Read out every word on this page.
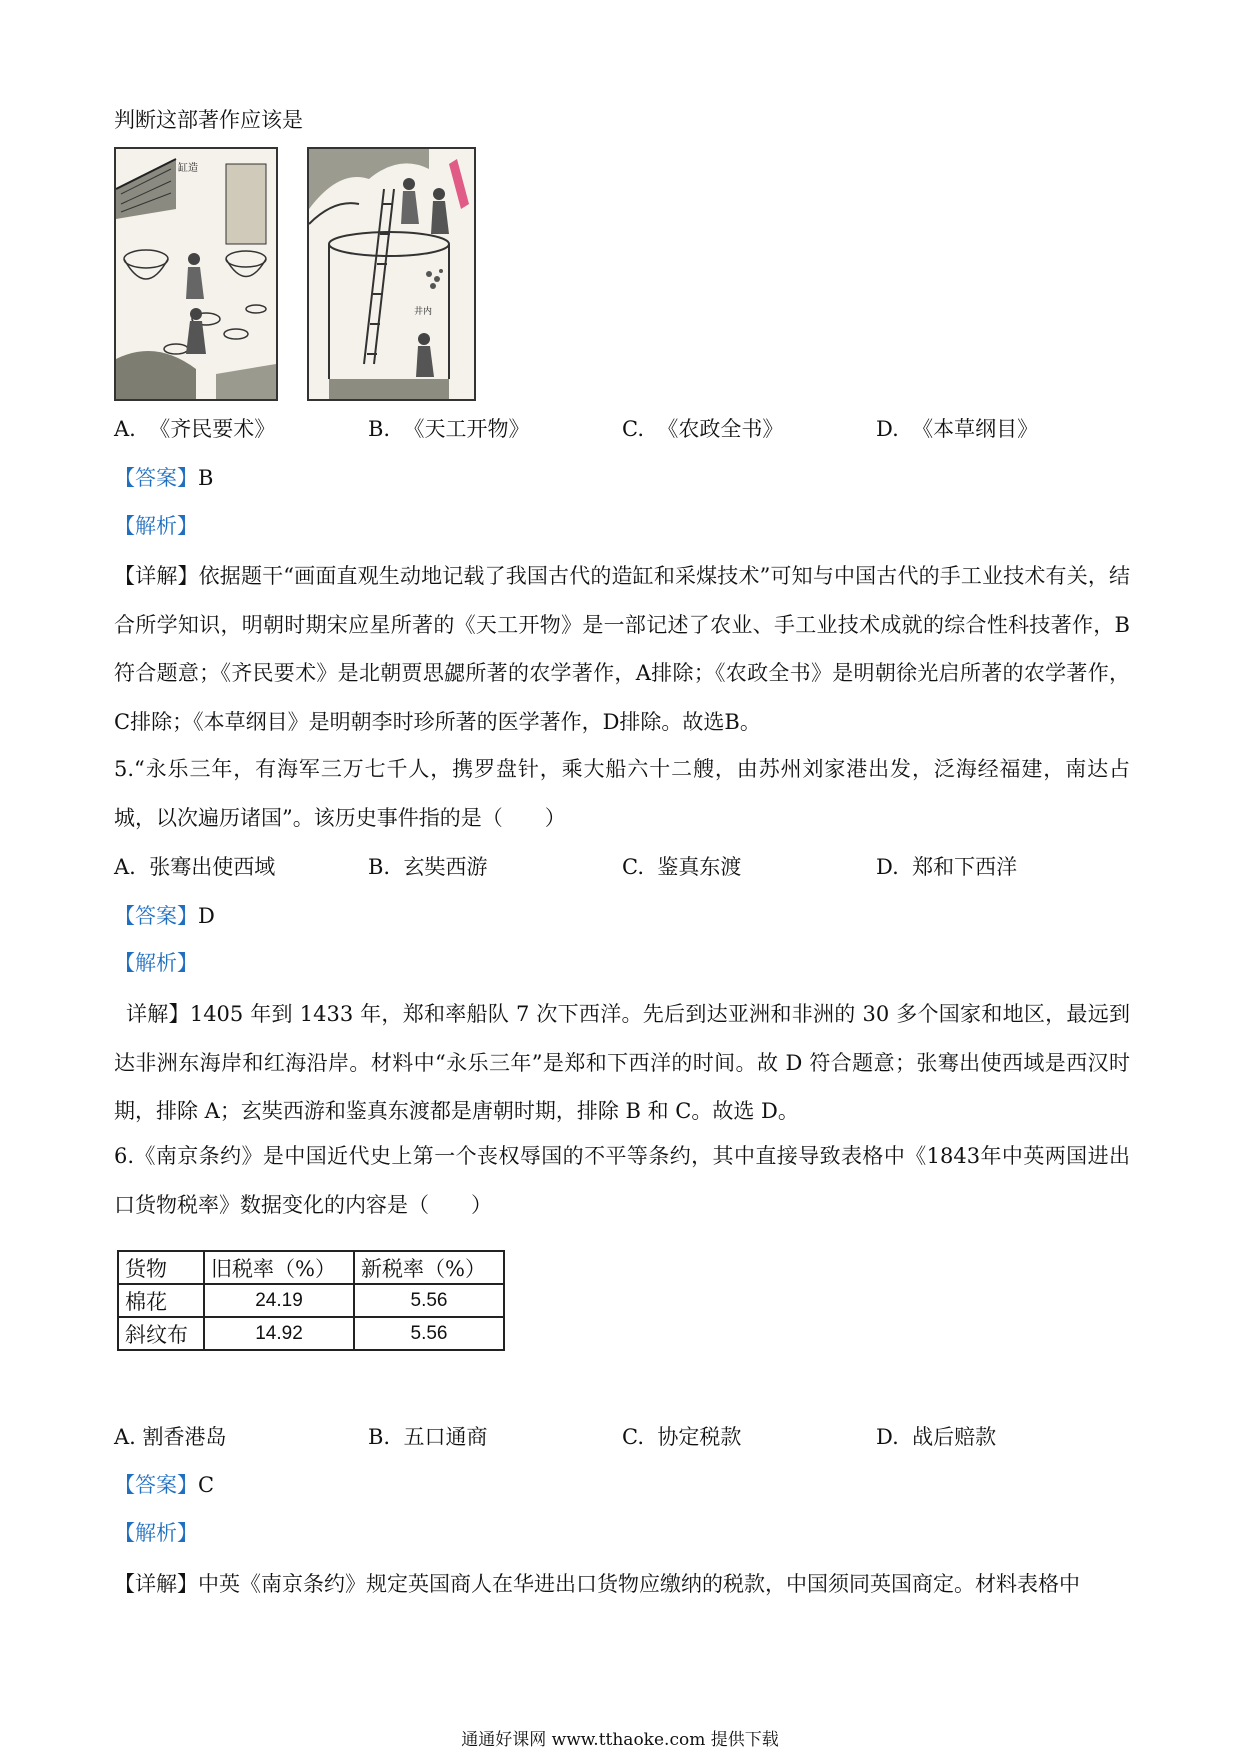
判断这部著作应该是
缸造
井内
A. 《齐民要术》	B. 《天工开物》	C. 《农政全书》	D. 《本草纲目》
【答案】B
【解析】
【详解】依据题干“画面直观生动地记载了我国古代的造缸和采煤技术”可知与中国古代的手工业技术有关，结合所学知识，明朝时期宋应星所著的《天工开物》是一部记述了农业、手工业技术成就的综合性科技著作，B符合题意；《齐民要术》是北朝贾思勰所著的农学著作，A排除；《农政全书》是明朝徐光启所著的农学著作，C排除；《本草纲目》是明朝李时珍所著的医学著作，D排除。故选B。
5.“永乐三年，有海军三万七千人，携罗盘针，乘大船六十二艘，由苏州刘家港出发，泛海经福建，南达占城，以次遍历诸国”。该历史事件指的是（　　）
A. 张骞出使西域	B. 玄奘西游	C. 鉴真东渡	D. 郑和下西洋
【答案】D
【解析】
详解】1405 年到 1433 年，郑和率船队 7 次下西洋。先后到达亚洲和非洲的 30 多个国家和地区，最远到达非洲东海岸和红海沿岸。材料中“永乐三年”是郑和下西洋的时间。故 D 符合题意；张骞出使西域是西汉时期，排除 A；玄奘西游和鉴真东渡都是唐朝时期，排除 B 和 C。故选 D。
6.《南京条约》是中国近代史上第一个丧权辱国的不平等条约，其中直接导致表格中《1843年中英两国进出口货物税率》数据变化的内容是（　　）
货物	旧税率（%）	新税率（%）
棉花	24.19	5.56
斜纹布	14.92	5.56
A. 割香港岛	B. 五口通商	C. 协定税款	D. 战后赔款
【答案】C
【解析】
【详解】中英《南京条约》规定英国商人在华进出口货物应缴纳的税款，中国须同英国商定。材料表格中
通通好课网 www.tthaoke.com 提供下载
